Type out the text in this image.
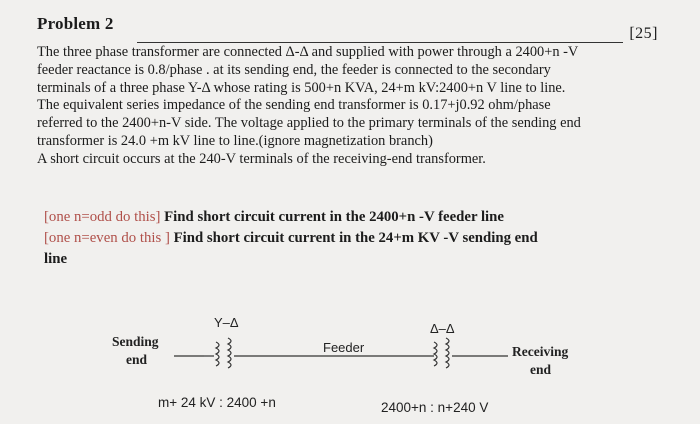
Problem 2
[25]

The three phase transformer are connected Δ-Δ and supplied with power through a 2400+n -V
feeder reactance is 0.8/phase . at its sending end, the feeder is connected to the secondary
terminals of a three phase Y-Δ whose rating is 500+n KVA, 24+m kV:2400+n V line to line.
The equivalent series impedance of the sending end transformer is 0.17+j0.92 ohm/phase
referred to the 2400+n-V side. The voltage applied to the primary terminals of the sending end
transformer is 24.0 +m kV line to line.(ignore magnetization branch)
A short circuit occurs at the 240-V terminals of the receiving-end transformer.

[one n=odd do this] Find short circuit current in the 2400+n -V feeder line
[one n=even do this ] Find short circuit current in the 24+m KV -V sending end
line
Sending
end
Y–Δ
Feeder
Δ–Δ
Receiving
end
m+ 24 kV : 2400 +n	2400+n : n+240 V
